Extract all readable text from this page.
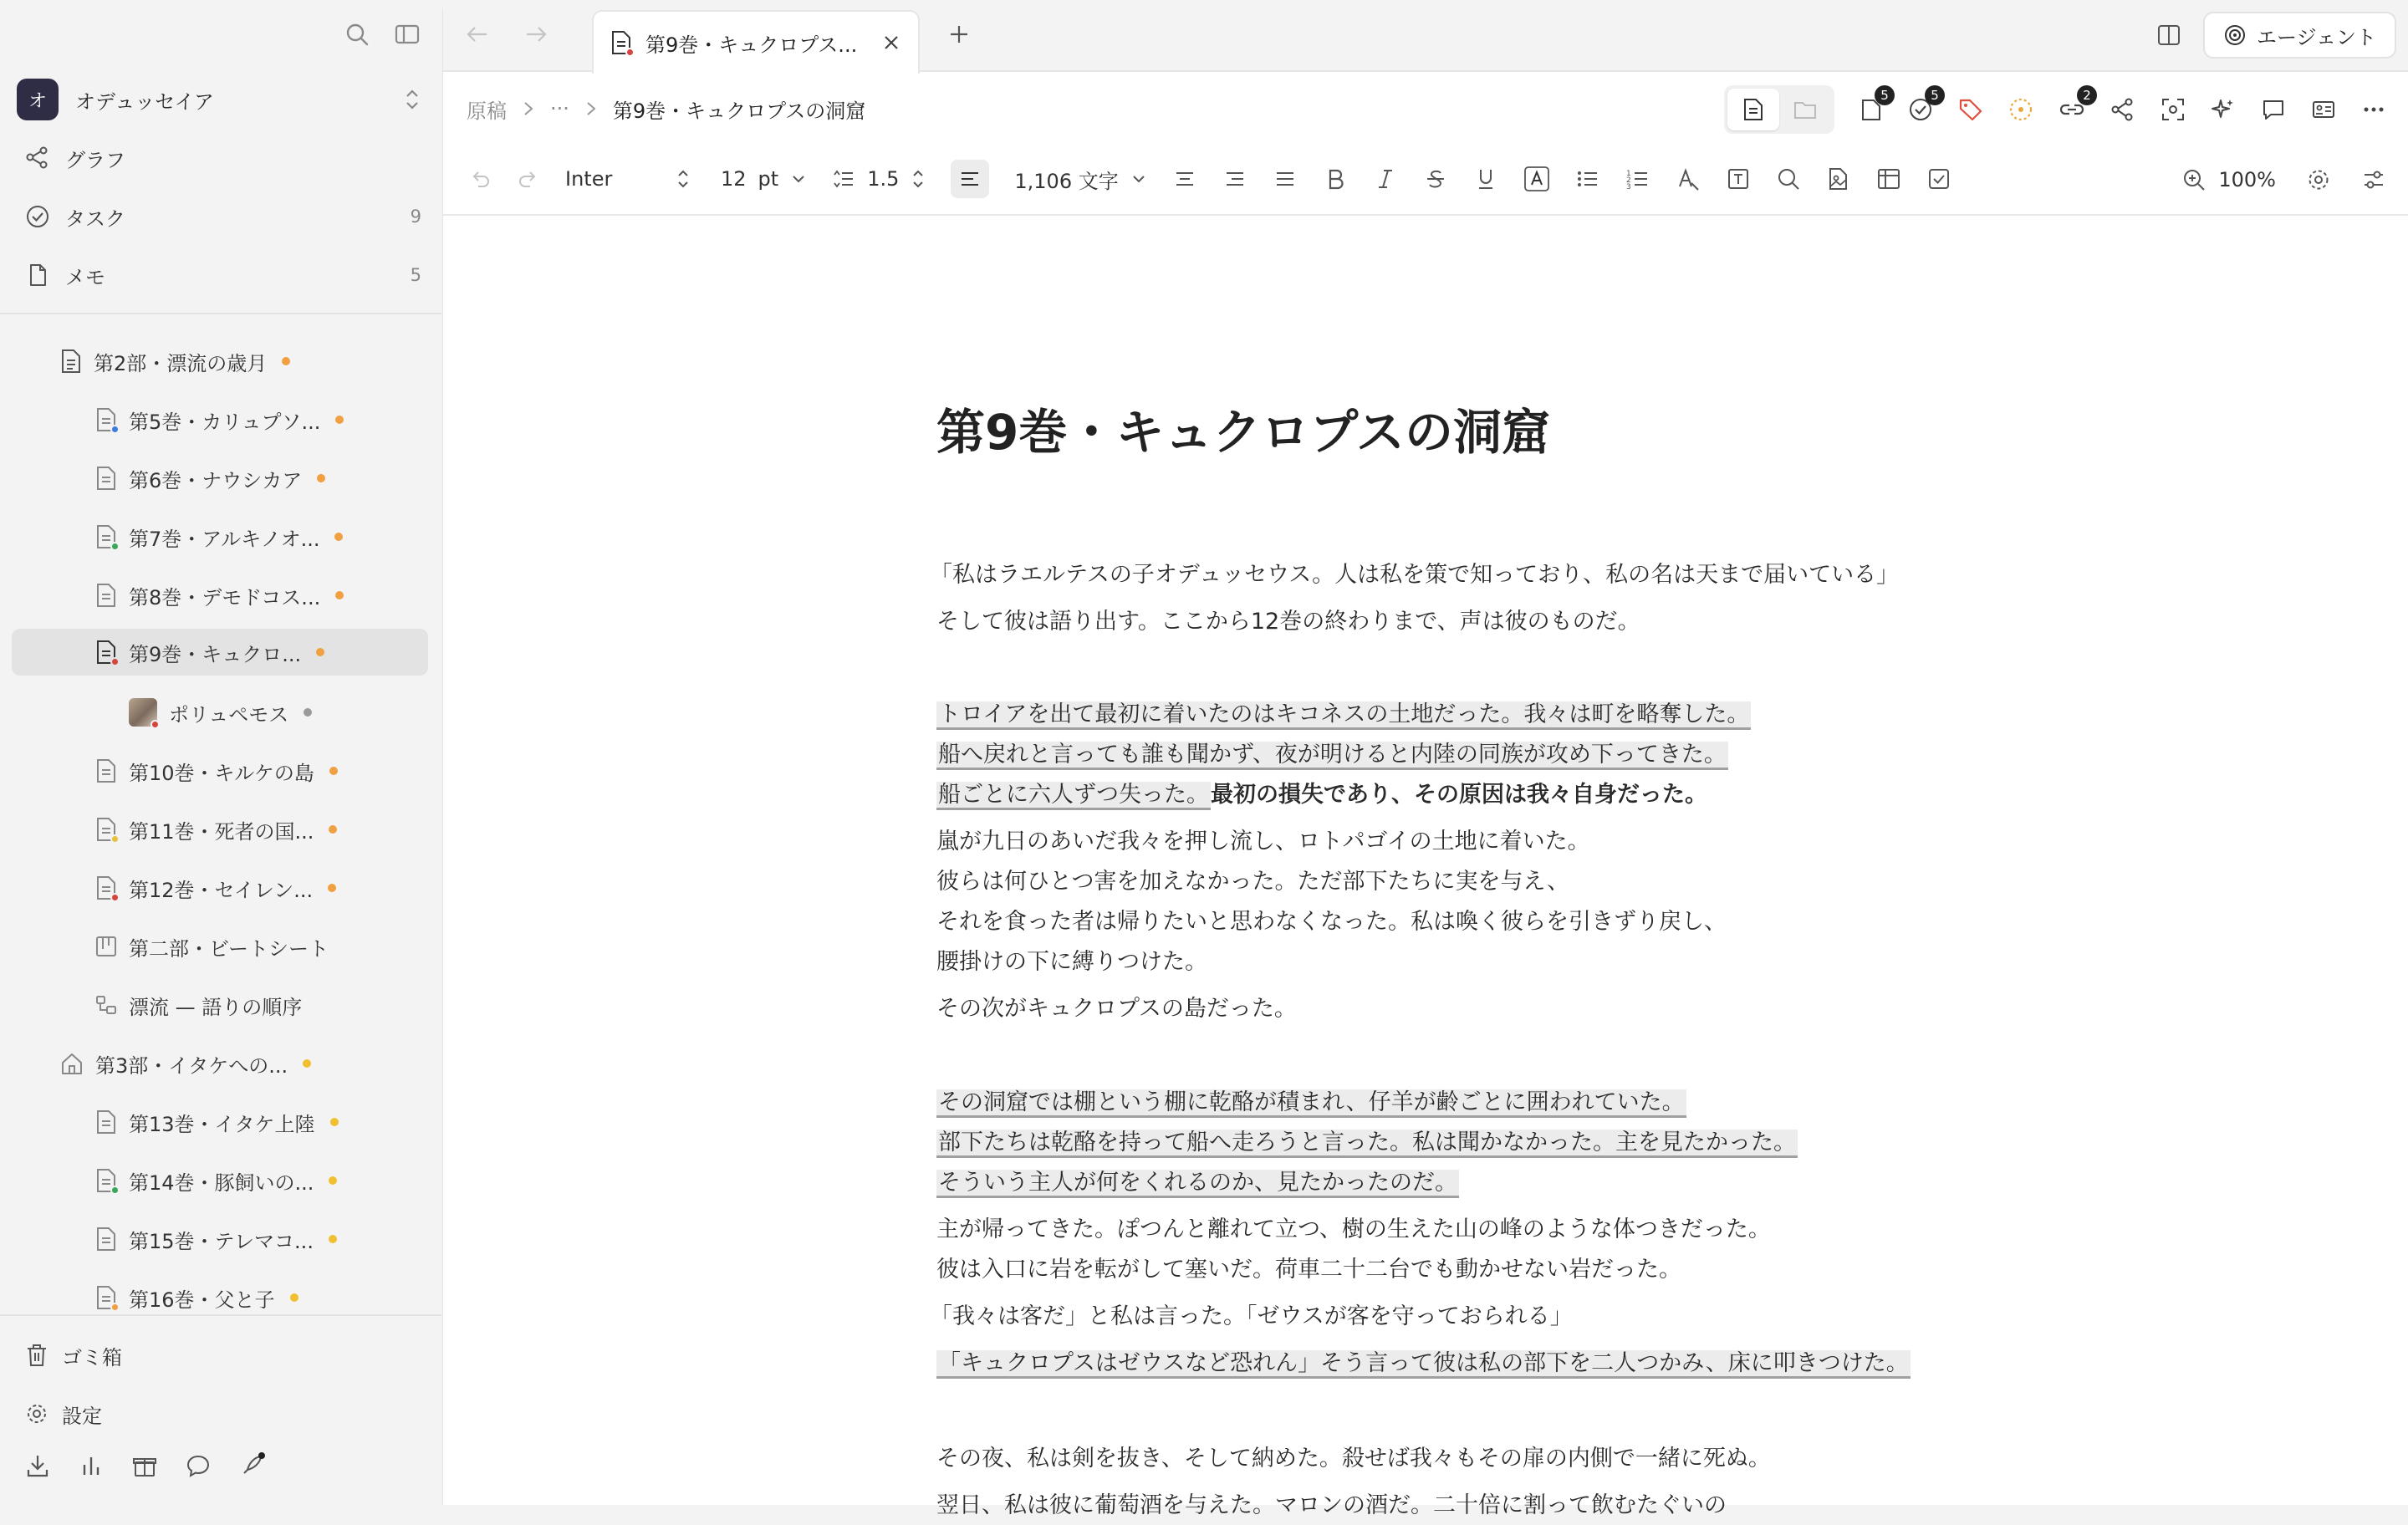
オ	オデュッセイア
グラフ
タスク	9
メモ	5
第2部・漂流の歳月
第5巻・カリュプソ...
第6巻・ナウシカア
第7巻・アルキノオ...
第8巻・デモドコス...
第9巻・キュクロ...
ポリュペモス
第10巻・キルケの島
第11巻・死者の国...
第12巻・セイレン...
第二部・ビートシート
漂流 — 語りの順序
第3部・イタケへの...
第13巻・イタケ上陸
第14巻・豚飼いの...
第15巻・テレマコ...
第16巻・父と子
ゴミ箱
設定
第9巻・キュクロプス...	エージェント
原稿 ··· 第9巻・キュクロプスの洞窟
5	5	2
Inter	12 pt	1.5	1,106 文字	1
2
3	100%
第9巻・キュクロプスの洞窟
「私はラエルテスの子オデュッセウス。人は私を策で知っており、私の名は天まで届いている」
そして彼は語り出す。ここから12巻の終わりまで、声は彼のものだ。
トロイアを出て最初に着いたのはキコネスの土地だった。我々は町を略奪した。
船へ戻れと言っても誰も聞かず、夜が明けると内陸の同族が攻め下ってきた。
船ごとに六人ずつ失った。最初の損失であり、その原因は我々自身だった。
嵐が九日のあいだ我々を押し流し、ロトパゴイの土地に着いた。
彼らは何ひとつ害を加えなかった。ただ部下たちに実を与え、
それを食った者は帰りたいと思わなくなった。私は喚く彼らを引きずり戻し、
腰掛けの下に縛りつけた。
その次がキュクロプスの島だった。
その洞窟では棚という棚に乾酪が積まれ、仔羊が齢ごとに囲われていた。
部下たちは乾酪を持って船へ走ろうと言った。私は聞かなかった。主を見たかった。
そういう主人が何をくれるのか、見たかったのだ。
主が帰ってきた。ぽつんと離れて立つ、樹の生えた山の峰のような体つきだった。
彼は入口に岩を転がして塞いだ。荷車二十二台でも動かせない岩だった。
「我々は客だ」と私は言った。「ゼウスが客を守っておられる」
「キュクロプスはゼウスなど恐れん」そう言って彼は私の部下を二人つかみ、床に叩きつけた。
その夜、私は剣を抜き、そして納めた。殺せば我々もその扉の内側で一緒に死ぬ。
翌日、私は彼に葡萄酒を与えた。マロンの酒だ。二十倍に割って飲むたぐいの
